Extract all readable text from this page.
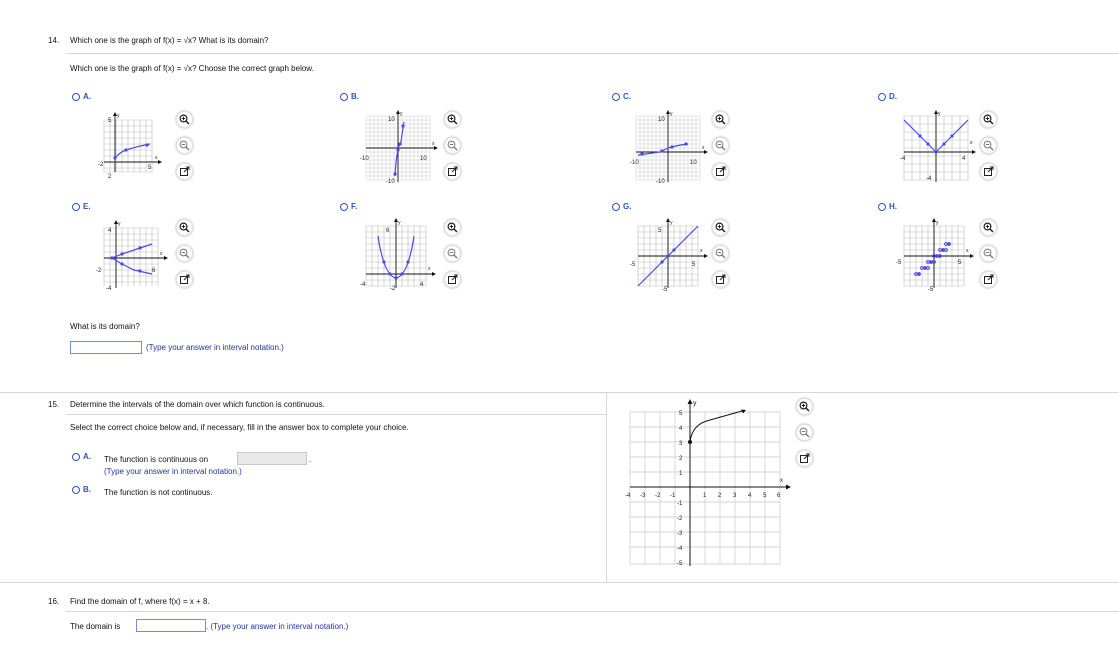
14. Which one is the graph of f(x) = √x? What is its domain?
Which one is the graph of f(x) = √x? Choose the correct graph below.
A.	B.	C.	D.
E.	F.	G.	H.
y
5
x
-2	5
2
y
10
x
-10	10
-10
y
10
x
-10	10
-10
y
x
-4	4
-4
y
4
x
-2	6
-4
y
6
x
-4	4
-2
y
5
x
-5	5
-5
y
x
-5	5
-5
What is its domain?
(Type your answer in interval notation.)
15. Determine the intervals of the domain over which function is continuous.
Select the correct choice below and, if necessary, fill in the answer box to complete your choice.
A. The function is continuous on	.
(Type your answer in interval notation.)
B. The function is not continuous.
y
x
5
4
3
2
1
-1
-2
-3
-4
-5
-4 -3 -2 -1	1 2 3 4 5 6
16. Find the domain of f, where f(x) = x + 8.
The domain is	. (Type your answer in interval notation.)
